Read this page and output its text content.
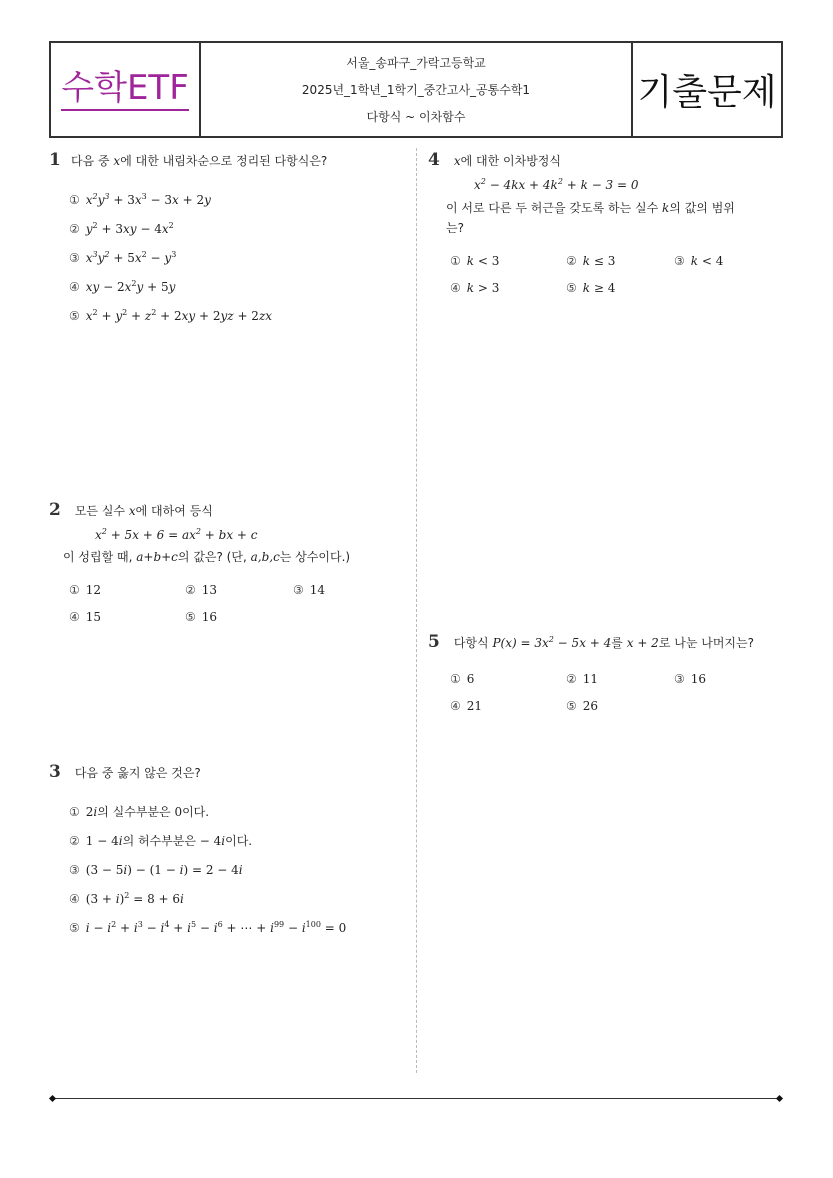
수학ETF
서울_송파구_가락고등학교
2025년_1학년_1학기_중간고사_공통수학1
다항식 ~ 이차함수
기출문제
1 다음 중
x 에 대한 내림차순으로 정리된 다항식은?
① $x^2y^3 + 3x^3 - 3x + 2y$
② $y^2 + 3xy - 4x^2$
③ $x^3y^2 + 5x^2 - y^3$
④ xy − $2x^2y + 5y$
⑤ $x^2 + y^2 + z^2 + 2xy + 2yz + 2zx$
2
	모든 실수
x 에 대하여 등식
$x^2 + 5x + 6 = ax^2$ + bx + c
이 성립할 때, a+b+c의 값은? (단, a,b,c는 상수이다.)
① 12	② 13	③ 14
④ 15	⑤ 16
3
	다음 중 옳지 않은 것은?
① 2i의 실수부분은 0이다.
② 1 − 4i의 허수부분은 − 4i이다.
③ (3 − 5i) − (1 − i) = 2 − 4i
④ $(3 + i)^2 = 8 + 6i$
⑤ $i - i^2 + i^3 - i^4 + i^5 - i^6$ + ⋯ + $i^{99} - i^{100} = 0$
4
	x 에 대한 이차방정식
$x^2 - 4kx + 4k^2 + k - 3 = 0$
이 서로 다른 두 허근을 갖도록 하는 실수 k의 값의 범위
는?
① k < 3	② k ≤ 3	③ k < 4
④ k > 3	⑤ k ≥ 4
5
	다항식
$P(x) = 3x^2 - 5x + 4$ 를
x + 2 로 나눈 나머지는?
① 6	② 11	③ 16
④ 21	⑤ 26
